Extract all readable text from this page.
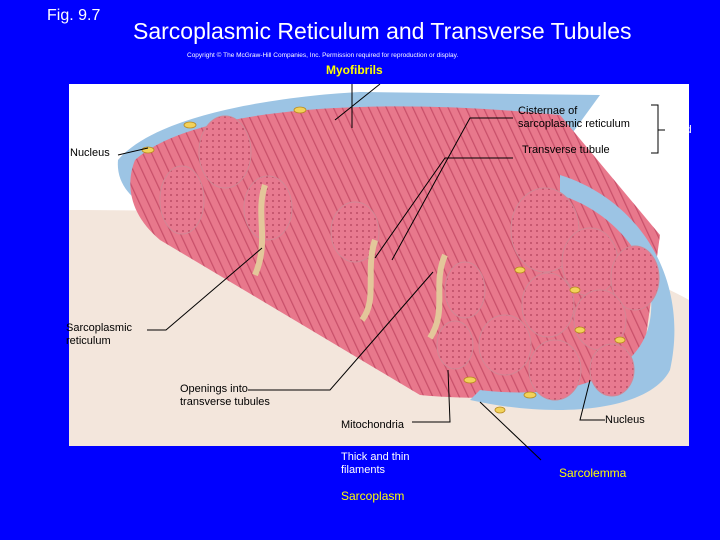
Fig. 9.7
Sarcoplasmic Reticulum and Transverse Tubules
Copyright © The McGraw-Hill Companies, Inc. Permission required for reproduction or display.
Myofibrils
Cisternae of
sarcoplasmic reticulum	Triad
Transverse tubule
Nucleus
Sarcoplasmic
reticulum
Openings into
transverse tubules
Mitochondria	Nucleus
Thick and thin
filaments	Sarcolemma
Sarcoplasm
